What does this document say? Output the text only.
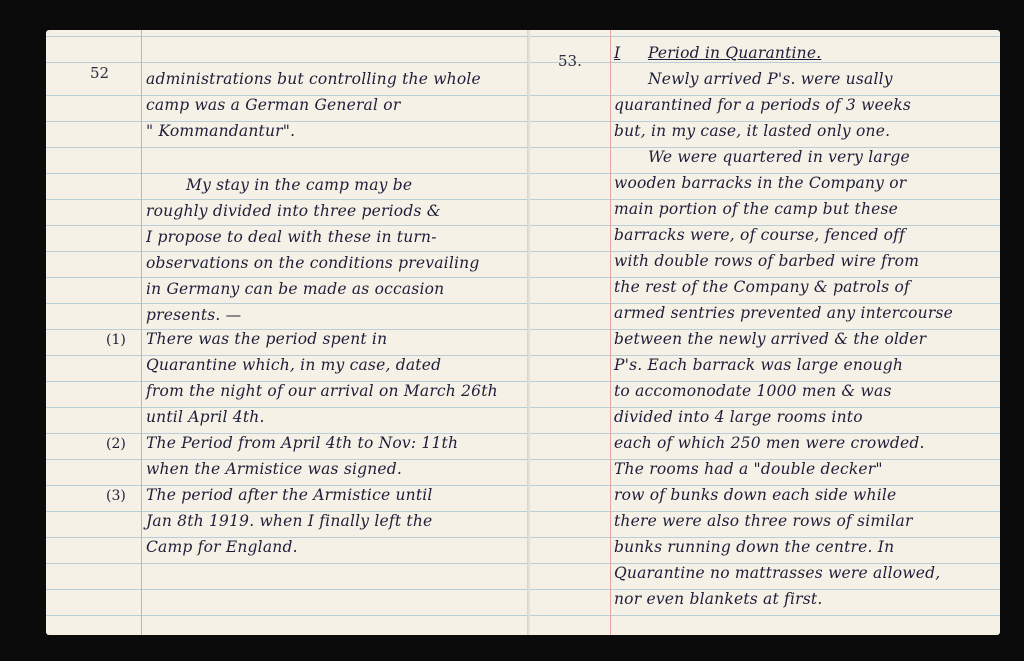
52 administrations but controlling the whole
camp was a German General or
" Kommandantur".
My stay in the camp may be
roughly divided into three periods &
I propose to deal with these in turn-
observations on the conditions prevailing
in Germany can be made as occasion
presents. —
(1) There was the period spent in
Quarantine which, in my case, dated
from the night of our arrival on March 26th
until April 4th.
(2) The Period from April 4th to Nov: 11th
when the Armistice was signed.
(3) The period after the Armistice until
Jan 8th 1919. when I finally left the
Camp for England.
53. I Period in Quarantine.
Newly arrived P's. were usally
quarantined for a periods of 3 weeks
but, in my case, it lasted only one.
We were quartered in very large
wooden barracks in the Company or
main portion of the camp but these
barracks were, of course, fenced off
with double rows of barbed wire from
the rest of the Company & patrols of
armed sentries prevented any intercourse
between the newly arrived & the older
P's. Each barrack was large enough
to accomonodate 1000 men & was
divided into 4 large rooms into
each of which 250 men were crowded.
The rooms had a "double decker"
row of bunks down each side while
there were also three rows of similar
bunks running down the centre. In
Quarantine no mattrasses were allowed,
nor even blankets at first.
